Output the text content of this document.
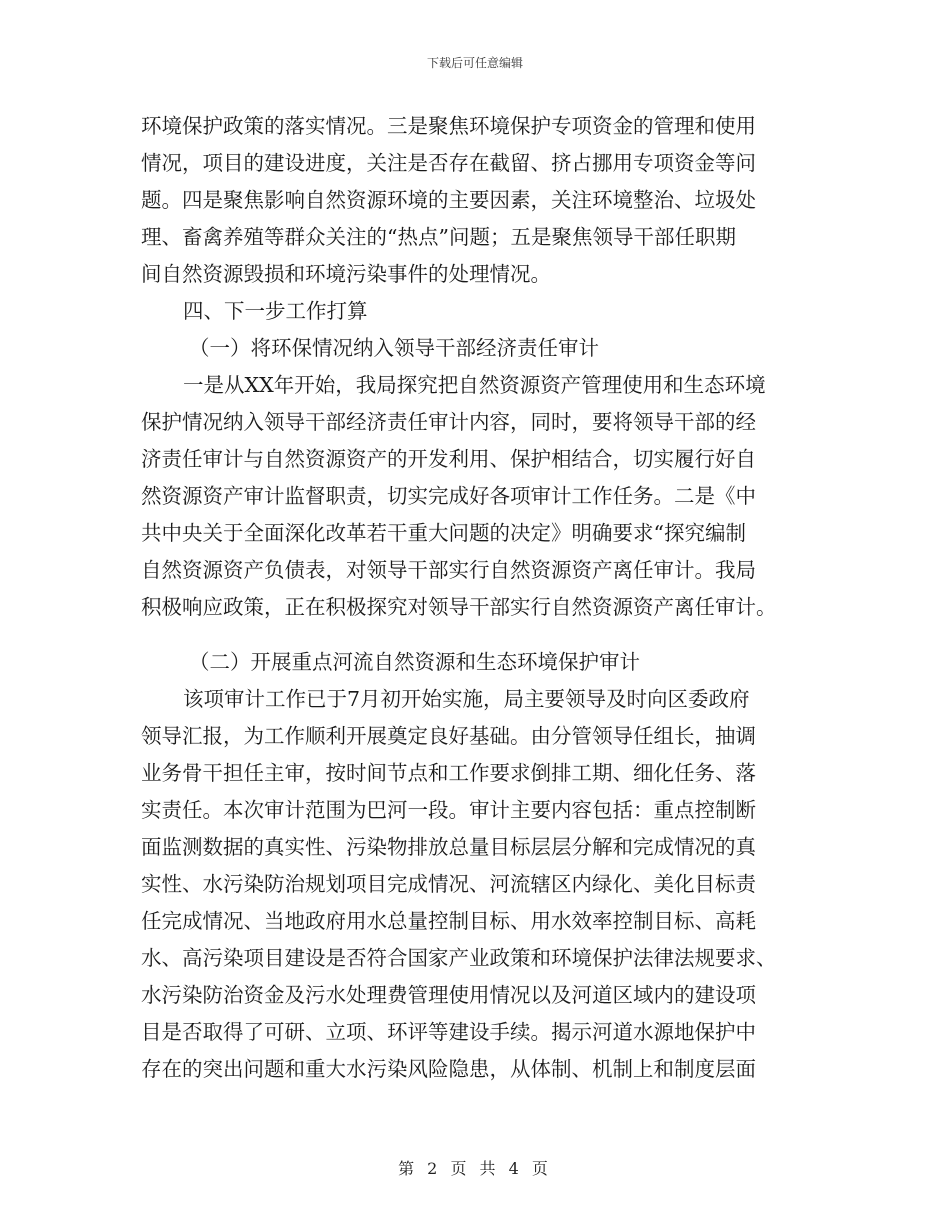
下载后可任意编辑
环境保护政策的落实情况。三是聚焦环境保护专项资金的管理和使用
情况，项目的建设进度，关注是否存在截留、挤占挪用专项资金等问
题。四是聚焦影响自然资源环境的主要因素，关注环境整治、垃圾处
理、畜禽养殖等群众关注的“热点”问题；五是聚焦领导干部任职期
间自然资源毁损和环境污染事件的处理情况。
四、下一步工作打算
（一）将环保情况纳入领导干部经济责任审计
一是从XX年开始，我局探究把自然资源资产管理使用和生态环境
保护情况纳入领导干部经济责任审计内容，同时，要将领导干部的经
济责任审计与自然资源资产的开发利用、保护相结合，切实履行好自
然资源资产审计监督职责，切实完成好各项审计工作任务。二是《中
共中央关于全面深化改革若干重大问题的决定》明确要求“探究编制
自然资源资产负债表，对领导干部实行自然资源资产离任审计。我局
积极响应政策，正在积极探究对领导干部实行自然资源资产离任审计。
（二）开展重点河流自然资源和生态环境保护审计
该项审计工作已于7月初开始实施，局主要领导及时向区委政府
领导汇报，为工作顺利开展奠定良好基础。由分管领导任组长，抽调
业务骨干担任主审，按时间节点和工作要求倒排工期、细化任务、落
实责任。本次审计范围为巴河一段。审计主要内容包括：重点控制断
面监测数据的真实性、污染物排放总量目标层层分解和完成情况的真
实性、水污染防治规划项目完成情况、河流辖区内绿化、美化目标责
任完成情况、当地政府用水总量控制目标、用水效率控制目标、高耗
水、高污染项目建设是否符合国家产业政策和环境保护法律法规要求、
水污染防治资金及污水处理费管理使用情况以及河道区域内的建设项
目是否取得了可研、立项、环评等建设手续。揭示河道水源地保护中
存在的突出问题和重大水污染风险隐患，从体制、机制上和制度层面
第 2 页 共 4 页
